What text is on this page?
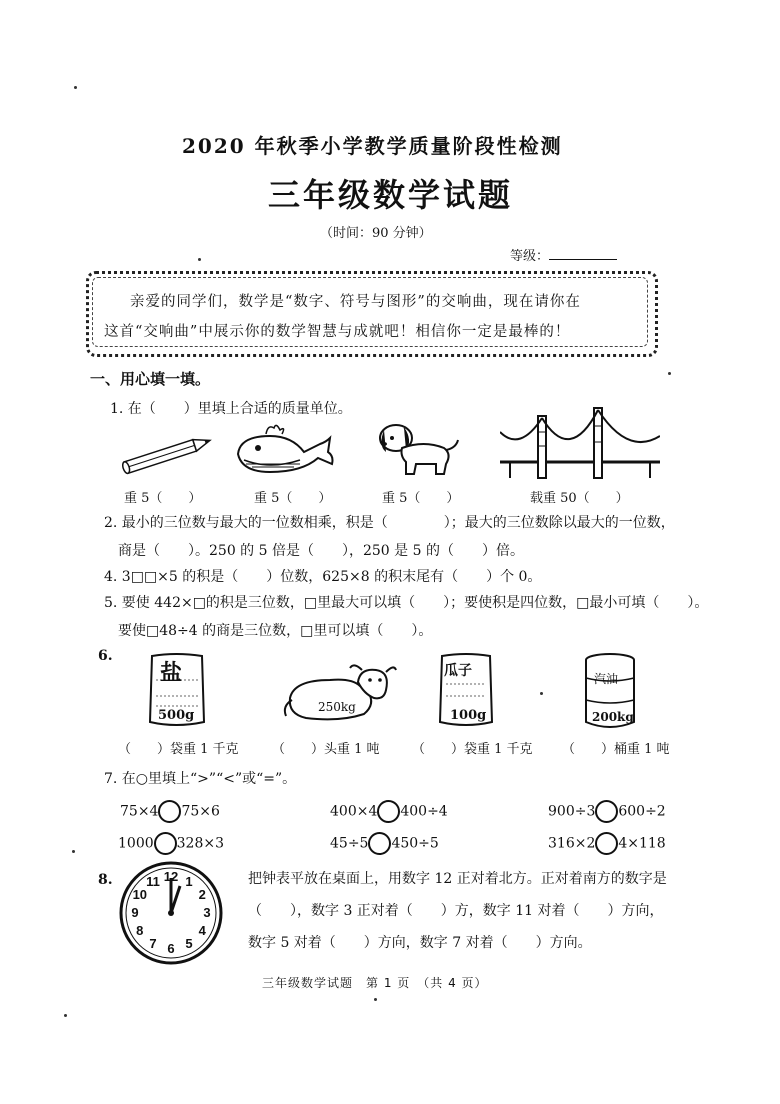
2020 年秋季小学教学质量阶段性检测
三年级数学试题
（时间：90 分钟）
等级：
亲爱的同学们，数学是“数字、符号与图形”的交响曲，现在请你在
这首“交响曲”中展示你的数学智慧与成就吧！相信你一定是最棒的！
一、用心填一填。
1. 在（　　）里填上合适的质量单位。
重 5（　　）	重 5（　　）	重 5（　　）	载重 50（　　）
2. 最小的三位数与最大的一位数相乘，积是（　　　　）；最大的三位数除以最大的一位数，
商是（　　）。250 的 5 倍是（　　），250 是 5 的（　　）倍。
4. 3□□×5 的积是（　　）位数，625×8 的积末尾有（　　）个 0。
5. 要使 442×□的积是三位数，□里最大可以填（　　）；要使积是四位数，□最小可填（　　）。
要使□48÷4 的商是三位数，□里可以填（　　）。
6.
盐
500g
250kg
瓜子
100g
汽油
200kg
（　　）袋重 1 千克	（　　）头重 1 吨 （　　）袋重 1 千克 （　　）桶重 1 吨
7. 在○里填上“>”“<”或“=”。
75×4 75×6	400×4 400÷4	900÷3 600÷2
1000 328×3	45÷5 450÷5	316×2 4×118
8.	12 1
2
3
4
5
6
7
8
9
10
11	把钟表平放在桌面上，用数字 12 正对着北方。正对着南方的数字是
（　　），数字 3 正对着（　　）方，数字 11 对着（　　）方向，
数字 5 对着（　　）方向，数字 7 对着（　　）方向。
三年级数学试题　第 1 页　（共 4 页）
